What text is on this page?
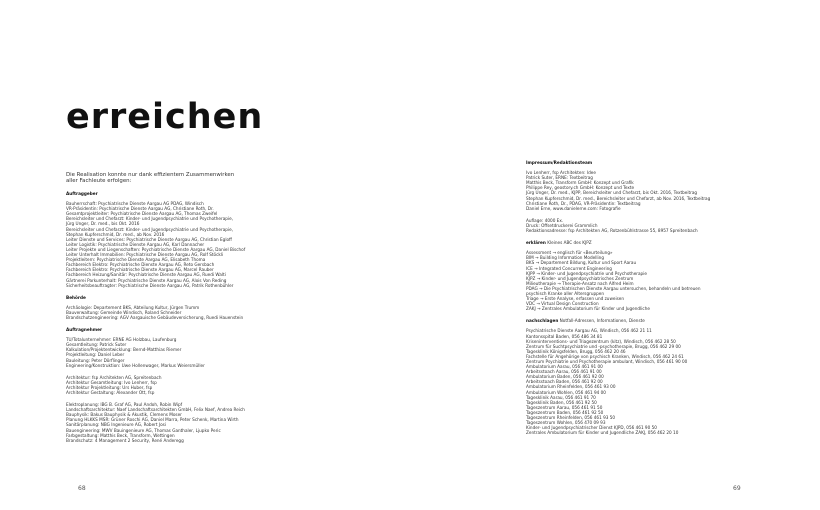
erreichen
Die Realisation konnte nur dank effizientem Zusammenwirken
aller Fachleute erfolgen:
Auftraggeber
Bauherrschaft: Psychiatrische Dienste Aargau AG PDAG, Windisch
VR-Präsidentin: Psychiatrische Dienste Aargau AG, Christiane Roth, Dr.
Gesamtprojektleiter: Psychiatrische Dienste Aargau AG, Thomas Zweifel
Bereichsleiter und Chefarzt: Kinder- und Jugendpsychiatrie und Psychotherapie,
Jürg Unger, Dr. med., bis Okt. 2016
Bereichsleiter und Chefarzt: Kinder- und Jugendpsychiatrie und Psychotherapie,
Stephan Kupferschmid, Dr. med., ab Nov. 2016
Leiter Dienste und Services: Psychiatrische Dienste Aargau AG, Christian Egloff
Leiter Logistik: Psychiatrische Dienste Aargau AG, Karl Dannacher
Leiter Projekte und Liegenschaften: Psychiatrische Dienste Aargau AG, Daniel Bischof
Leiter Unterhalt Immobilien: Psychiatrische Dienste Aargau AG, Rolf Stöckli
Projektleitern: Psychiatrische Dienste Aargau AG, Elisabeth Thoma
Fachbereich Elektro: Psychiatrische Dienste Aargau AG, Reto Gersbach
Fachbereich Elektro: Psychiatrische Dienste Aargau AG, Marcel Rauber
Fachbereich Heizung/Sanitär: Psychiatrische Dienste Aargau AG, Ruedi Walti
Gärtnerei Parkunterhalt: Psychiatrische Dienste Aargau AG, Alois Von Reding
Sicherheitsbeauftragter: Psychiatrische Dienste Aargau AG, Patrik Rothenbühler
Behörde
Archäologie: Departement BKS, Abteilung Kultur, Jürgen Trumm
Bauverwaltung: Gemeinde Windisch, Roland Schneider
Brandschutzengineering: AGV Aargauische Gebäudeversicherung, Ruedi Hauenstein
Auftragnehmer
TU/Totalunternehmer: ERNE AG Holzbau, Laufenburg
Gesamtleitung: Patrick Suter
Kalkulation/Projektentwicklung: Bernd-Matthias Riemer
Projektleitung: Daniel Leber
Bauleitung: Peter Dörflinger
Engineering/Konstruktion: Uwe Hollenwager, Markus Weiersmüller
Architektur: fsp Architekten AG, Spreitenbach
Architektur Gesamtleitung: Ivo Lenherr, fsp
Architektur Projektleitung: Urs Huber, fsp
Architektur Gestaltung: Alexander Ott, fsp
Elektroplanung: IBG B. Graf AG, Paul Andoh, Robin Wipf
Landschaftsarchitektur: Naef Landschaftsarchitekten GmbH, Felix Naef, Andrea Reich
Bauphysik: Bakus Bauphysik & Akustik, Clemens Moser
Planung HLKKS MSR: Grüner Roschi AG, Daniel Marra, Peter Schenk, Martina Wirth
Sanitärplanung: NBG Ingenieure AG, Robert Josi
Bauengineering: MWV Bauingenieure AG, Thomas Ganthaler, Ljupko Peric
Farbgestaltung: Matthis Beck, Transform, Wettingen
Brandschutz: 4 Management 2 Security, René Anderegg
68
Impressum/Redaktionsteam
Ivo Lenherr, fsp Architekten: Idee
Patrick Suter, ERNE: Textbeitrag
Matthis Beck, Transform GmbH: Konzept und Grafik
Philippe Rey, geostory.ch GmbH: Konzept und Texte
Jürg Unger, Dr. med., KJPP, Bereichsleiter und Chefarzt, bis Okt. 2016, Textbeitrag
Stephan Kupferschmid, Dr. med., Bereichsleiter und Chefarzt, ab Nov. 2016, Textbeitrag
Christiane Roth, Dr., PDAG, VR-Präsidentin: Textbeitrag
Daniel Erne, www.danielerne.com: Fotografie
Auflage: 4000 Ex.
Druck: Offsetdruckerei Grammlich
Redaktionsadresse: fsp Architekten AG, Rotzenbühlstrasse 55, 8957 Spreitenbach
erklären Kleines ABC des KJPZ
Assessment → englisch für «Beurteilung»
BIM → Building Information Modelling
BKS → Departement Bildung, Kultur und Sport Aarau
ICE → Integrated Concurrent Engineering
KJPP → Kinder- und Jugendpsychiatrie und Psychotherapie
KJPZ → Kinder- und Jugendpsychiatrisches Zentrum
Milieutherapie → Therapie-Ansatz nach Alfred Heim
PDAG → Die Psychiatrischen Dienste Aargau untersuchen, behandeln und betreuen
psychisch Kranke aller Altersgruppen
Triage → Erste Analyse, erfassen und zuweisen
VDC → Virtual Design Construction
ZAKJ → Zentrales Ambulatorium für Kinder und Jugendliche
nachschlagen Notfall-Adressen, Informationen, Dienste
Psychiatrische Dienste Aargau AG, Windisch, 056 462 21 11
Kantonsspital Baden, 056 486 34 81
Kriseninterventions- und Triagezentrum (kitz), Windisch, 056 462 28 50
Zentrum für Suchtpsychiatrie und -psychotherapie, Brugg, 056 462 29 00
Tagesklinik Königsfelden, Brugg, 056 462 20 46
Fachstelle für Angehörige von psychisch Kranken, Windisch, 056 462 24 61
Zentrum Psychiatrie und Psychotherapie ambulant, Windisch, 056 461 90 00
Ambulatorium Aarau, 056 461 91 00
Arbeitsstoach Aarau, 056 461 91 00
Ambulatorium Baden, 056 461 92 00
Arbeitsstoach Baden, 056 461 92 00
Ambulatorium Rheinfelden, 056 461 93 00
Ambulatorium Wohlen, 056 461 94 00
Tagesklinik Aarau, 056 461 91 70
Tagesklinik Baden, 056 461 92 50
Tageszentrum Aarau, 056 461 91 50
Tageszentrum Baden, 056 461 92 50
Tageszentrum Rheinfelden, 056 461 93 50
Tageszentrum Wohlen, 056 470 09 93
Kinder- und Jugendpsychiatrischer Dienst KJPD, 056 461 90 50
Zentrales Ambulatorium für Kinder und Jugendliche ZAKJ, 056 462 20 10
69
